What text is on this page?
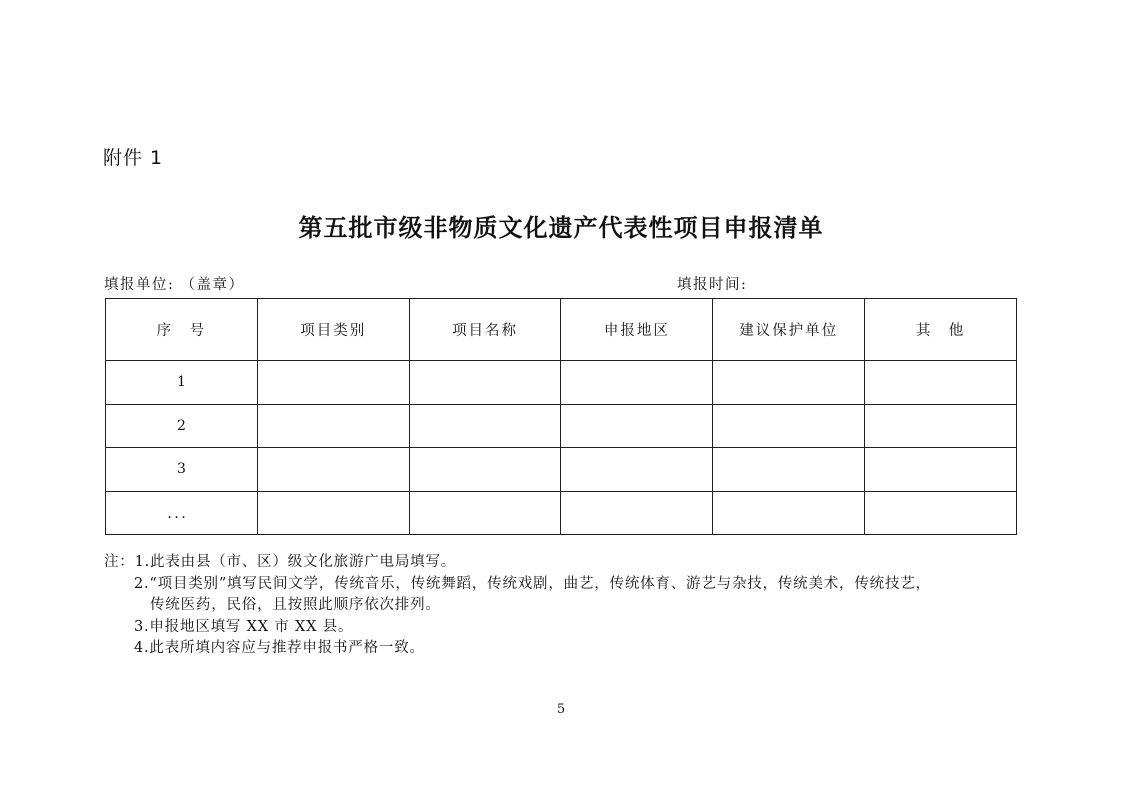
附件 1
第五批市级非物质文化遗产代表性项目申报清单
填报单位: （盖章）	填报时间:
序　号	项目类别	项目名称	申报地区	建议保护单位	其　他
1					
2					
3					
．．．					
注：1.此表由县（市、区）级文化旅游广电局填写。
2.“项目类别”填写民间文学，传统音乐，传统舞蹈，传统戏剧，曲艺，传统体育、游艺与杂技，传统美术，传统技艺，
传统医药，民俗，且按照此顺序依次排列。
3.申报地区填写 XX 市 XX 县。
4.此表所填内容应与推荐申报书严格一致。
5
